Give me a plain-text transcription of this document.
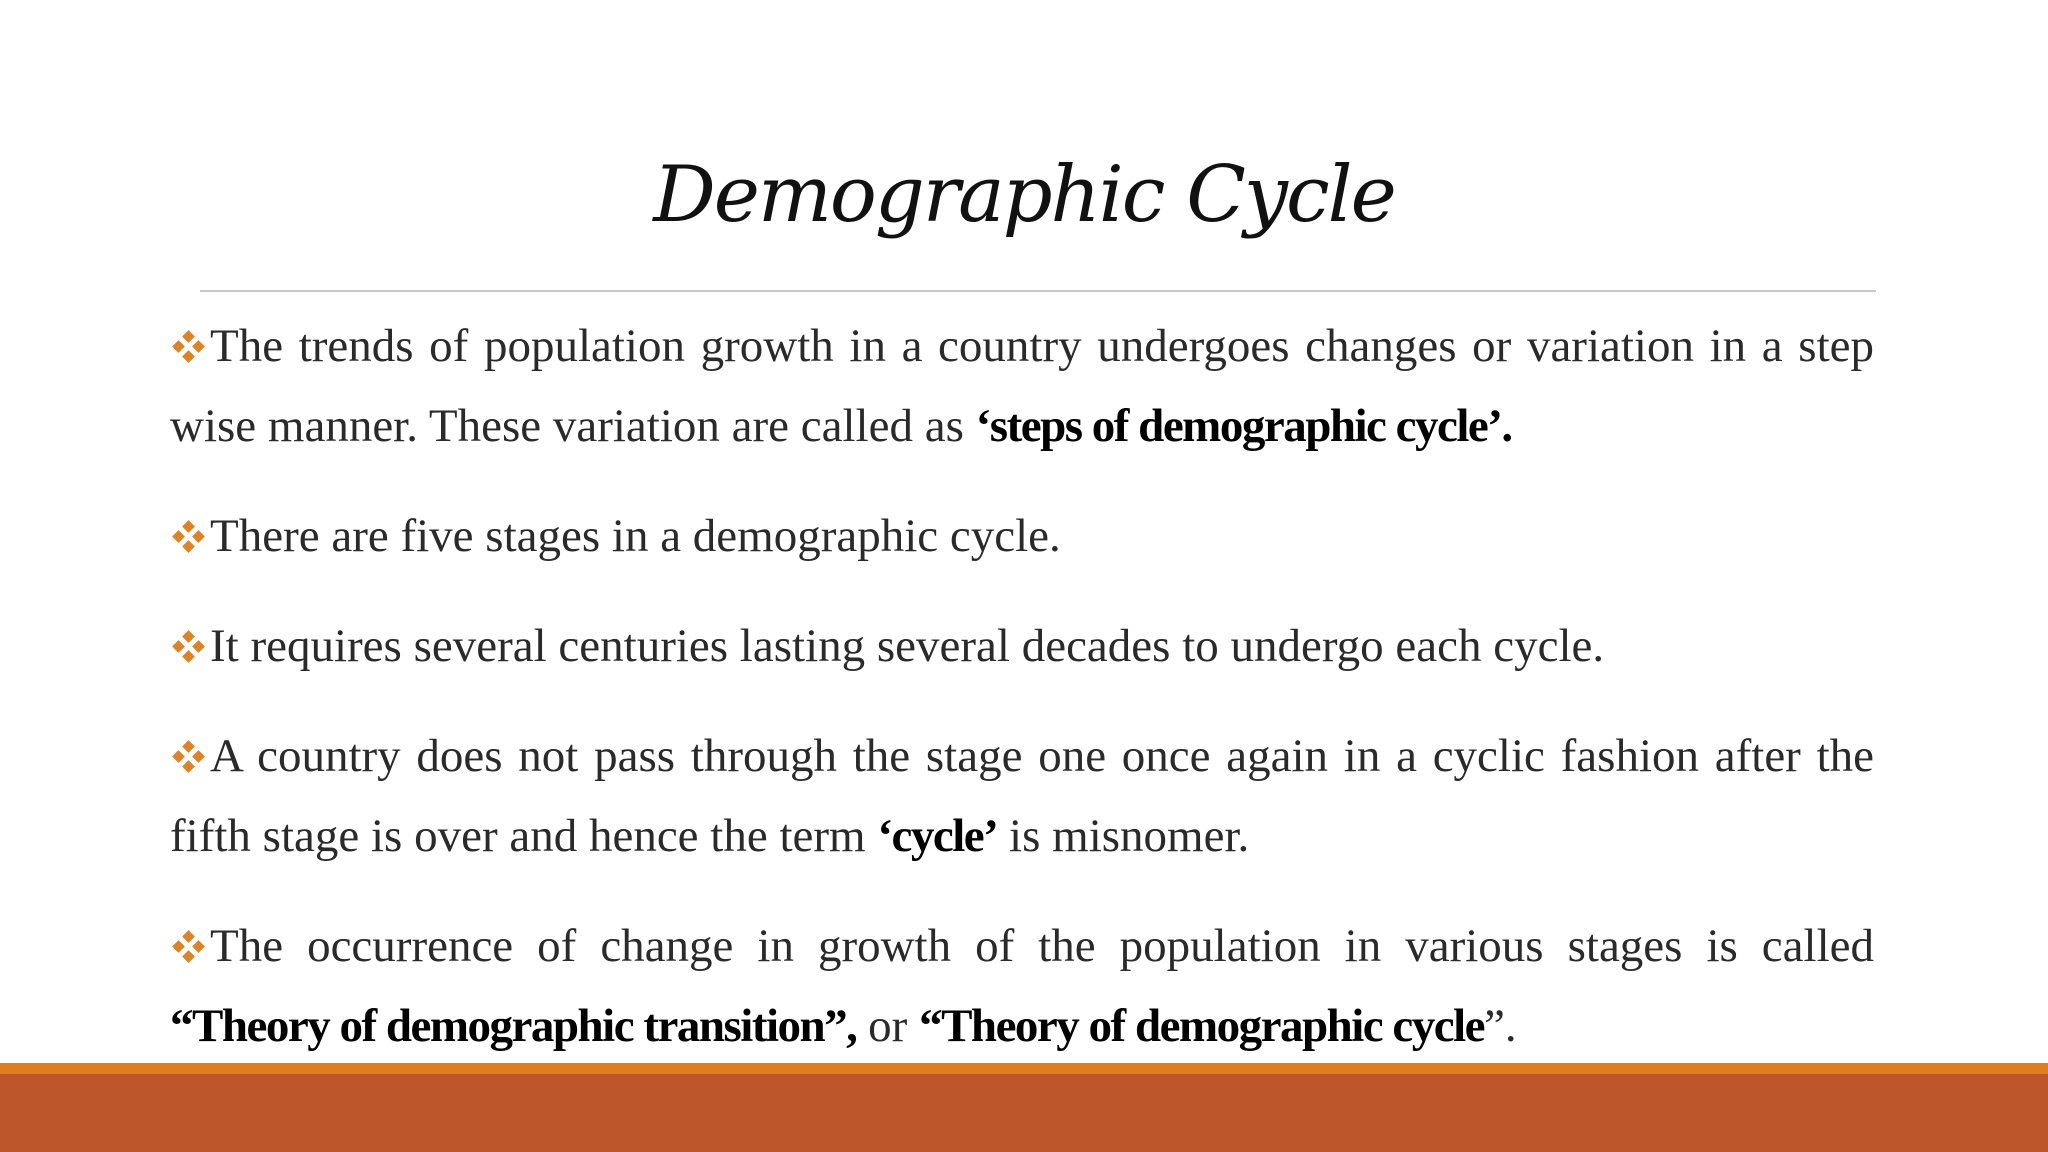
Demographic Cycle
The trends of population growth in a country undergoes changes or variation in a step wise manner. These variation are called as ‘steps of demographic cycle’.
There are five stages in a demographic cycle.
It requires several centuries lasting several decades to undergo each cycle.
A country does not pass through the stage one once again in a cyclic fashion after the fifth stage is over and hence the term ‘cycle’ is misnomer.
The occurrence of change in growth of the population in various stages is called “Theory of demographic transition”, or “Theory of demographic cycle”.
